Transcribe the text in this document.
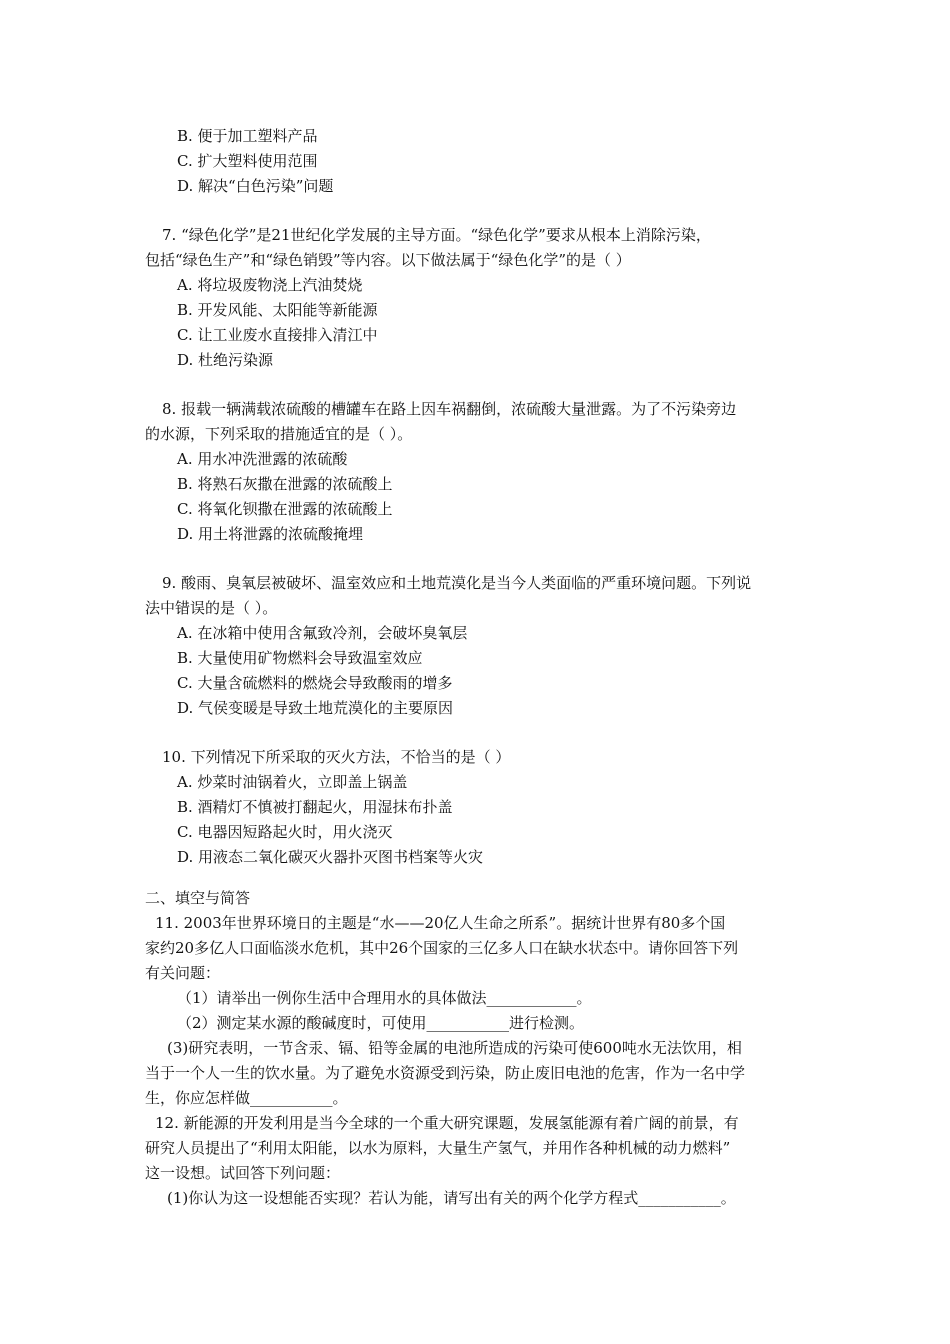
B. 便于加工塑料产品
C. 扩大塑料使用范围
D. 解决“白色污染”问题
7. “绿色化学”是21世纪化学发展的主导方面。“绿色化学”要求从根本上消除污染，
包括“绿色生产”和“绿色销毁”等内容。以下做法属于“绿色化学”的是（ ）
A. 将垃圾废物浇上汽油焚烧
B. 开发风能、太阳能等新能源
C. 让工业废水直接排入清江中
D. 杜绝污染源
8. 报载一辆满载浓硫酸的槽罐车在路上因车祸翻倒，浓硫酸大量泄露。为了不污染旁边
的水源，下列采取的措施适宜的是（ ）。
A. 用水冲洗泄露的浓硫酸
B. 将熟石灰撒在泄露的浓硫酸上
C. 将氧化钡撒在泄露的浓硫酸上
D. 用土将泄露的浓硫酸掩埋
9. 酸雨、臭氧层被破坏、温室效应和土地荒漠化是当今人类面临的严重环境问题。下列说
法中错误的是（ ）。
A. 在冰箱中使用含氟致冷剂，会破坏臭氧层
B. 大量使用矿物燃料会导致温室效应
C. 大量含硫燃料的燃烧会导致酸雨的增多
D. 气侯变暖是导致土地荒漠化的主要原因
10. 下列情况下所采取的灭火方法，不恰当的是（ ）
A. 炒菜时油锅着火，立即盖上锅盖
B. 酒精灯不慎被打翻起火，用湿抹布扑盖
C. 电器因短路起火时，用火浇灭
D. 用液态二氧化碳灭火器扑灭图书档案等火灾
二、填空与简答
11. 2003年世界环境日的主题是“水——20亿人生命之所系”。据统计世界有80多个国
家约20多亿人口面临淡水危机，其中26个国家的三亿多人口在缺水状态中。请你回答下列
有关问题：
（1）请举出一例你生活中合理用水的具体做法____________。
（2）测定某水源的酸碱度时，可使用___________进行检测。
(3)研究表明，一节含汞、镉、铅等金属的电池所造成的污染可使600吨水无法饮用，相
当于一个人一生的饮水量。为了避免水资源受到污染，防止废旧电池的危害，作为一名中学
生，你应怎样做___________。
12. 新能源的开发利用是当今全球的一个重大研究课题，发展氢能源有着广阔的前景，有
研究人员提出了“利用太阳能，以水为原料，大量生产氢气，并用作各种机械的动力燃料”
这一设想。试回答下列问题：
(1)你认为这一设想能否实现？若认为能，请写出有关的两个化学方程式___________。
